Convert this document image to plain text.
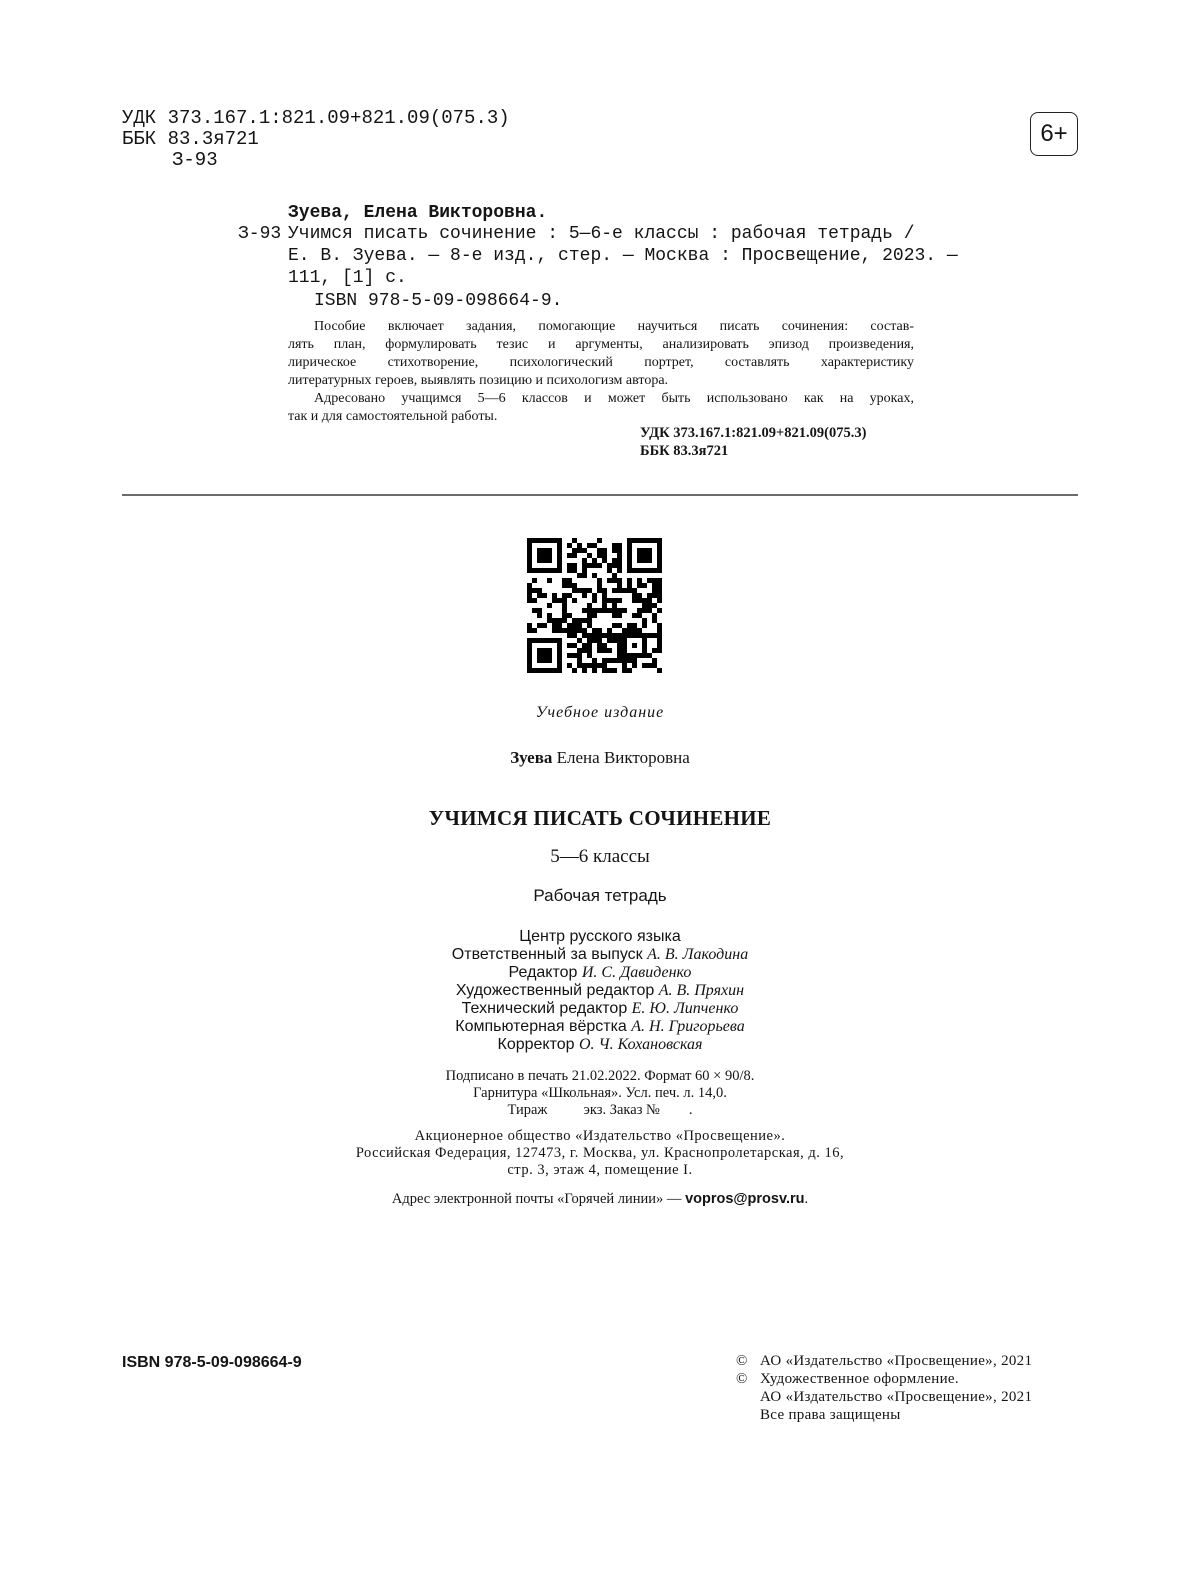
УДК 373.167.1:821.09+821.09(075.3)
ББК 83.3я721
З-93
6+
Зуева, Елена Викторовна.
З-93 Учимся писать сочинение : 5—6-е классы : рабочая тетрадь /
Е. В. Зуева. — 8-е изд., стер. — Москва : Просвещение, 2023. —
111, [1] с.
ISBN 978-5-09-098664-9.
Пособие включает задания, помогающие научиться писать сочинения: состав-
лять план, формулировать тезис и аргументы, анализировать эпизод произведения,
лирическое стихотворение, психологический портрет, составлять характеристику
литературных героев, выявлять позицию и психологизм автора.
Адресовано учащимся 5—6 классов и может быть использовано как на уроках,
так и для самостоятельной работы.
УДК 373.167.1:821.09+821.09(075.3)
ББК 83.3я721
Учебное издание
Зуева Елена Викторовна
УЧИМСЯ ПИСАТЬ СОЧИНЕНИЕ
5—6 классы
Рабочая тетрадь
Центр русского языка
Ответственный за выпуск А. В. Лакодина
Редактор И. С. Давиденко
Художественный редактор А. В. Пряхин
Технический редактор Е. Ю. Липченко
Компьютерная вёрстка А. Н. Григорьева
Корректор О. Ч. Кохановская
Подписано в печать 21.02.2022. Формат 60 × 90/8.
Гарнитура «Школьная». Усл. печ. л. 14,0.
Тираж          экз. Заказ №        .
Акционерное общество «Издательство «Просвещение».
Российская Федерация, 127473, г. Москва, ул. Краснопролетарская, д. 16,
стр. 3, этаж 4, помещение I.
Адрес электронной почты «Горячей линии» — vopros@prosv.ru.
ISBN 978-5-09-098664-9	© АО «Издательство «Просвещение», 2021
© Художественное оформление.
АО «Издательство «Просвещение», 2021
Все права защищены
